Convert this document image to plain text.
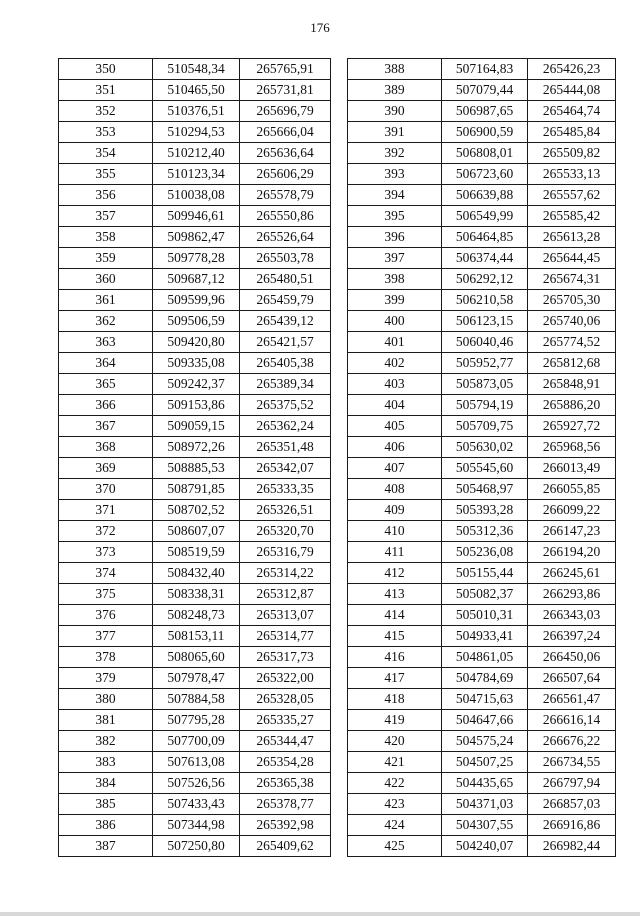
176
350	510548,34	265765,91
351	510465,50	265731,81
352	510376,51	265696,79
353	510294,53	265666,04
354	510212,40	265636,64
355	510123,34	265606,29
356	510038,08	265578,79
357	509946,61	265550,86
358	509862,47	265526,64
359	509778,28	265503,78
360	509687,12	265480,51
361	509599,96	265459,79
362	509506,59	265439,12
363	509420,80	265421,57
364	509335,08	265405,38
365	509242,37	265389,34
366	509153,86	265375,52
367	509059,15	265362,24
368	508972,26	265351,48
369	508885,53	265342,07
370	508791,85	265333,35
371	508702,52	265326,51
372	508607,07	265320,70
373	508519,59	265316,79
374	508432,40	265314,22
375	508338,31	265312,87
376	508248,73	265313,07
377	508153,11	265314,77
378	508065,60	265317,73
379	507978,47	265322,00
380	507884,58	265328,05
381	507795,28	265335,27
382	507700,09	265344,47
383	507613,08	265354,28
384	507526,56	265365,38
385	507433,43	265378,77
386	507344,98	265392,98
387	507250,80	265409,62
388	507164,83	265426,23
389	507079,44	265444,08
390	506987,65	265464,74
391	506900,59	265485,84
392	506808,01	265509,82
393	506723,60	265533,13
394	506639,88	265557,62
395	506549,99	265585,42
396	506464,85	265613,28
397	506374,44	265644,45
398	506292,12	265674,31
399	506210,58	265705,30
400	506123,15	265740,06
401	506040,46	265774,52
402	505952,77	265812,68
403	505873,05	265848,91
404	505794,19	265886,20
405	505709,75	265927,72
406	505630,02	265968,56
407	505545,60	266013,49
408	505468,97	266055,85
409	505393,28	266099,22
410	505312,36	266147,23
411	505236,08	266194,20
412	505155,44	266245,61
413	505082,37	266293,86
414	505010,31	266343,03
415	504933,41	266397,24
416	504861,05	266450,06
417	504784,69	266507,64
418	504715,63	266561,47
419	504647,66	266616,14
420	504575,24	266676,22
421	504507,25	266734,55
422	504435,65	266797,94
423	504371,03	266857,03
424	504307,55	266916,86
425	504240,07	266982,44
